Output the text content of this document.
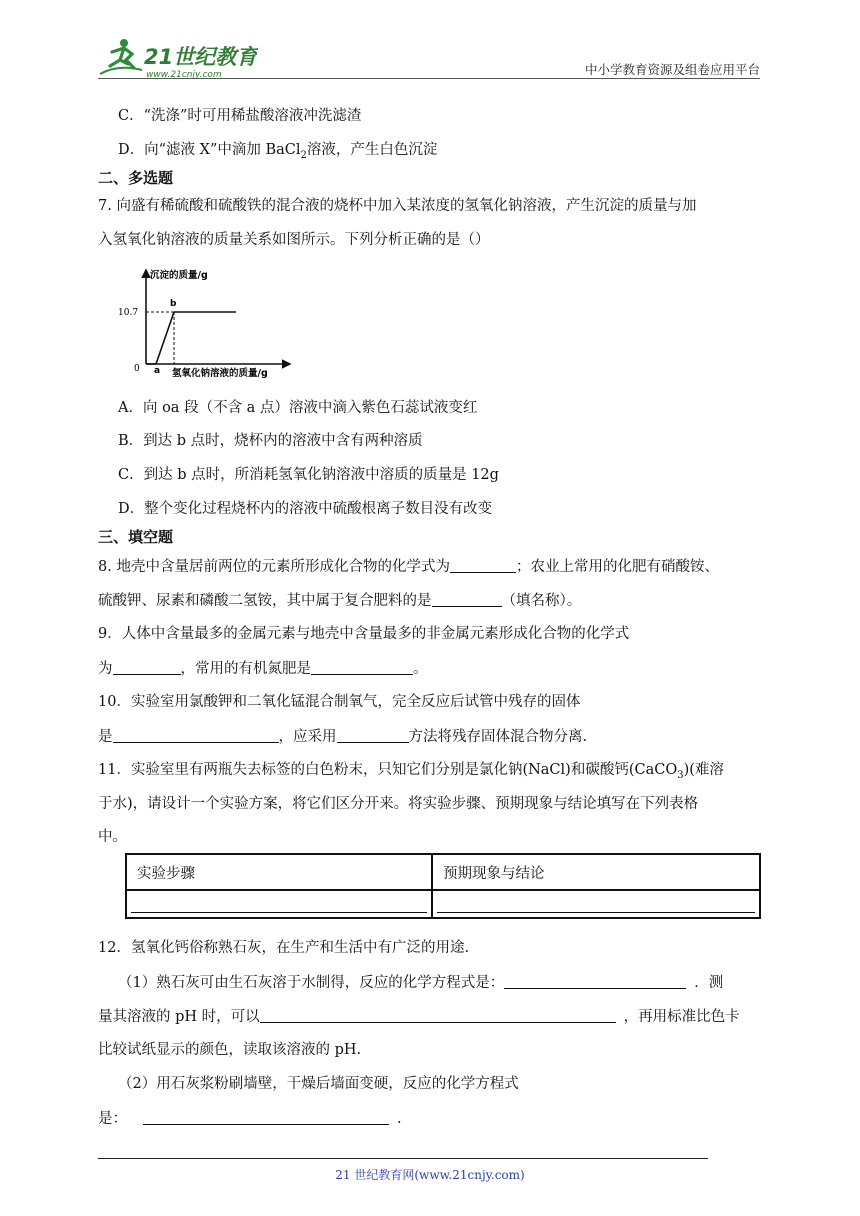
21世纪教育
www.21cnjy.com	中小学教育资源及组卷应用平台
C．“洗涤”时可用稀盐酸溶液冲洗滤渣
D．向“滤液 X”中滴加 BaCl$_2$溶液，产生白色沉淀
二、多选题
7. 向盛有稀硫酸和硫酸铁的混合液的烧杯中加入某浓度的氢氧化钠溶液，产生沉淀的质量与加
入氢氧化钠溶液的质量关系如图所示。下列分析正确的是（）
沉淀的质量/g
氢氧化钠溶液的质量/g
0
10.7
a
b
A．向 oa 段（不含 a 点）溶液中滴入紫色石蕊试液变红
B．到达 b 点时，烧杯内的溶液中含有两种溶质
C．到达 b 点时，所消耗氢氧化钠溶液中溶质的质量是 12g
D．整个变化过程烧杯内的溶液中硫酸根离子数目没有改变
三、填空题
8. 地壳中含量居前两位的元素所形成化合物的化学式为	；农业上常用的化肥有硝酸铵、
硫酸钾、尿素和磷酸二氢铵，其中属于复合肥料的是	（填名称）。
9．人体中含量最多的金属元素与地壳中含量最多的非金属元素形成化合物的化学式
为	，常用的有机氮肥是	。
10．实验室用氯酸钾和二氧化锰混合制氧气，完全反应后试管中残存的固体
是	，应采用	方法将残存固体混合物分离.
11．实验室里有两瓶失去标签的白色粉末，只知它们分别是氯化钠(NaCl)和碳酸钙(CaCO$_3$)(难溶
于水)，请设计一个实验方案，将它们区分开来。将实验步骤、预期现象与结论填写在下列表格
中。
实验步骤	预期现象与结论

12．氢氧化钙俗称熟石灰，在生产和生活中有广泛的用途.
（1）熟石灰可由生石灰溶于水制得，反应的化学方程式是：	．测
量其溶液的 pH 时，可以	，再用标准比色卡
比较试纸显示的颜色，读取该溶液的 pH.
（2）用石灰浆粉刷墙壁，干燥后墙面变硬，反应的化学方程式
是：	.
21 世纪教育网(www.21cnjy.com)
